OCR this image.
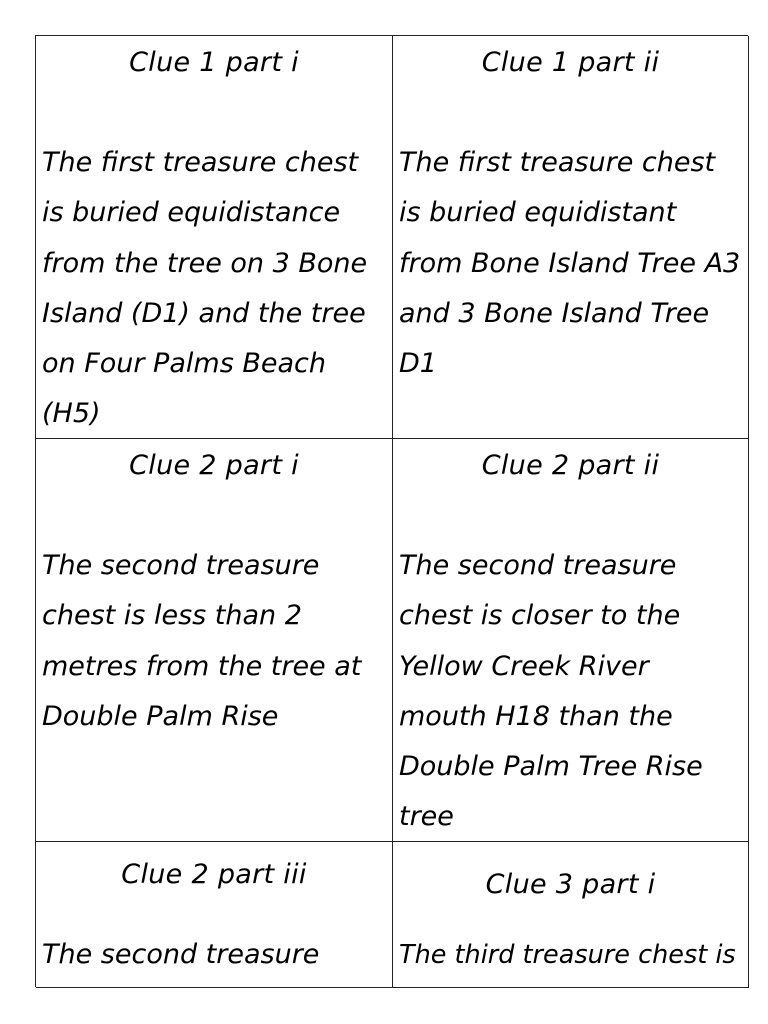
Clue 1 part i
The first treasure chest is buried equidistance from the tree on 3 Bone Island (D1) and the tree on Four Palms Beach (H5)
Clue 1 part ii
The first treasure chest is buried equidistant from Bone Island Tree A3 and 3 Bone Island Tree D1
Clue 2 part i
The second treasure chest is less than 2 metres from the tree at Double Palm Rise
Clue 2 part ii
The second treasure chest is closer to the Yellow Creek River mouth H18 than the Double Palm Tree Rise tree
Clue 2 part iii
The second treasure
Clue 3 part i
The third treasure chest is
